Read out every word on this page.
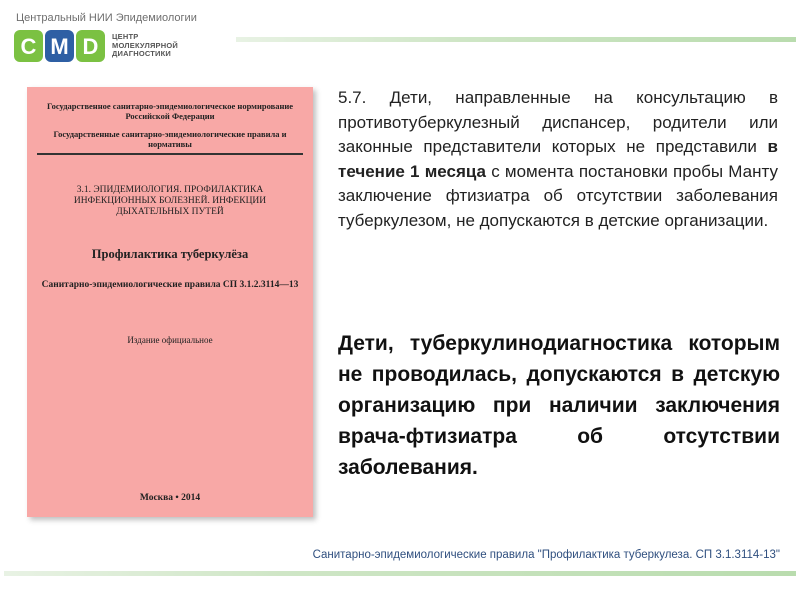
Центральный НИИ Эпидемиологии
C M D ЦЕНТР
МОЛЕКУЛЯРНОЙ
ДИАГНОСТИКИ
Государственное санитарно-эпидемиологическое нормирование Российской Федерации
Государственные санитарно-эпидемиологические правила и нормативы
3.1. ЭПИДЕМИОЛОГИЯ. ПРОФИЛАКТИКА ИНФЕКЦИОННЫХ БОЛЕЗНЕЙ. ИНФЕКЦИИ ДЫХАТЕЛЬНЫХ ПУТЕЙ
Профилактика туберкулёза
Санитарно-эпидемиологические правила СП 3.1.2.3114—13
Издание официальное
Москва • 2014
5.7. Дети, направленные на консультацию в противотуберкулезный диспансер, родители или законные представители которых не представили в течение 1 месяца с момента постановки пробы Манту заключение фтизиатра об отсутствии заболевания туберкулезом, не допускаются в детские организации.
Дети, туберкулинодиагностика которым не проводилась, допускаются в детскую организацию при наличии заключения врача-фтизиатра об отсутствии заболевания.
Санитарно-эпидемиологические правила "Профилактика туберкулеза. СП 3.1.3114-13"
